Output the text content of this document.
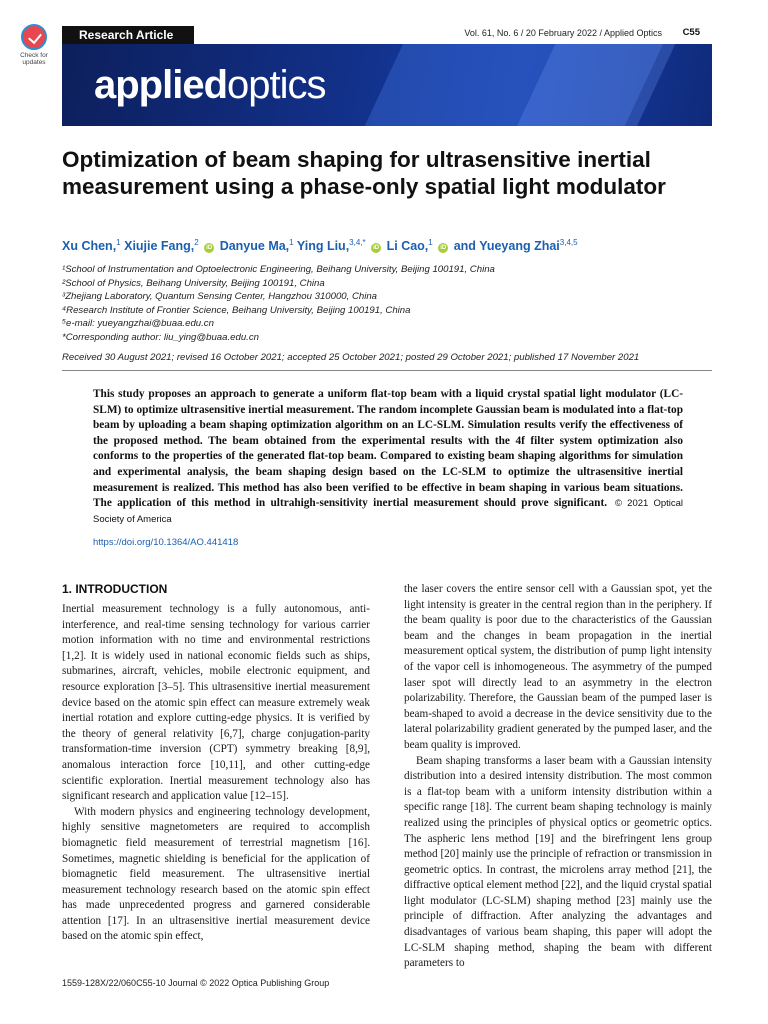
Check for
updates
Research Article	Vol. 61, No. 6 / 20 February 2022 / Applied Optics C55
appliedoptics
Optimization of beam shaping for ultrasensitive inertial measurement using a phase-only spatial light modulator
Xu Chen,$^1$ Xiujie Fang,$^2$ iD Danyue Ma,$^1$ Ying Liu,$^{3,4,*}$ iD Li Cao,$^1$ iD and Yueyang Zhai$^{3,4,5}$
¹School of Instrumentation and Optoelectronic Engineering, Beihang University, Beijing 100191, China
²School of Physics, Beihang University, Beijing 100191, China
³Zhejiang Laboratory, Quantum Sensing Center, Hangzhou 310000, China
⁴Research Institute of Frontier Science, Beihang University, Beijing 100191, China
⁵e-mail: yueyangzhai@buaa.edu.cn
*Corresponding author: liu_ying@buaa.edu.cn
Received 30 August 2021; revised 16 October 2021; accepted 25 October 2021; posted 29 October 2021; published 17 November 2021
This study proposes an approach to generate a uniform flat-top beam with a liquid crystal spatial light modulator (LC-SLM) to optimize ultrasensitive inertial measurement. The random incomplete Gaussian beam is modulated into a flat-top beam by uploading a beam shaping optimization algorithm on an LC-SLM. Simulation results verify the effectiveness of the proposed method. The beam obtained from the experimental results with the 4f filter system optimization also conforms to the properties of the generated flat-top beam. Compared to existing beam shaping algorithms for simulation and experimental analysis, the beam shaping design based on the LC-SLM to optimize the ultrasensitive inertial measurement is realized. This method has also been verified to be effective in beam shaping in various beam situations. The application of this method in ultrahigh-sensitivity inertial measurement should prove significant. © 2021 Optical Society of America
https://doi.org/10.1364/AO.441418
1. INTRODUCTION

Inertial measurement technology is a fully autonomous, anti-interference, and real-time sensing technology for various carrier motion information with no time and environmental restrictions [1,2]. It is widely used in national economic fields such as ships, submarines, aircraft, vehicles, mobile electronic equipment, and resource exploration [3–5]. This ultrasensitive inertial measurement device based on the atomic spin effect can measure extremely weak inertial rotation and explore cutting-edge physics. It is verified by the theory of general relativity [6,7], charge conjugation-parity transformation-time inversion (CPT) symmetry breaking [8,9], anomalous interaction force [10,11], and other cutting-edge scientific exploration. Inertial measurement technology also has significant research and application value [12–15].

With modern physics and engineering technology development, highly sensitive magnetometers are required to accomplish biomagnetic field measurement of terrestrial magnetism [16]. Sometimes, magnetic shielding is beneficial for the application of biomagnetic field measurement. The ultrasensitive inertial measurement technology research based on the atomic spin effect has made unprecedented progress and garnered considerable attention [17]. In an ultrasensitive inertial measurement device based on the atomic spin effect,

the laser covers the entire sensor cell with a Gaussian spot, yet the light intensity is greater in the central region than in the periphery. If the beam quality is poor due to the characteristics of the Gaussian beam and the changes in beam propagation in the inertial measurement optical system, the distribution of pump light intensity of the vapor cell is inhomogeneous. The asymmetry of the pumped laser spot will directly lead to an asymmetry in the electron polarizability. Therefore, the Gaussian beam of the pumped laser is beam-shaped to avoid a decrease in the device sensitivity due to the lateral polarizability gradient generated by the pumped laser, and the beam quality is improved.

Beam shaping transforms a laser beam with a Gaussian intensity distribution into a desired intensity distribution. The most common is a flat-top beam with a uniform intensity distribution within a specific range [18]. The current beam shaping technology is mainly realized using the principles of physical optics or geometric optics. The aspheric lens method [19] and the birefringent lens group method [20] mainly use the principle of refraction or transmission in geometric optics. In contrast, the microlens array method [21], the diffractive optical element method [22], and the liquid crystal spatial light modulator (LC-SLM) shaping method [23] mainly use the principle of diffraction. After analyzing the advantages and disadvantages of various beam shaping, this paper will adopt the LC-SLM shaping method, shaping the beam with different parameters to

1559-128X/22/060C55-10 Journal © 2022 Optica Publishing Group
